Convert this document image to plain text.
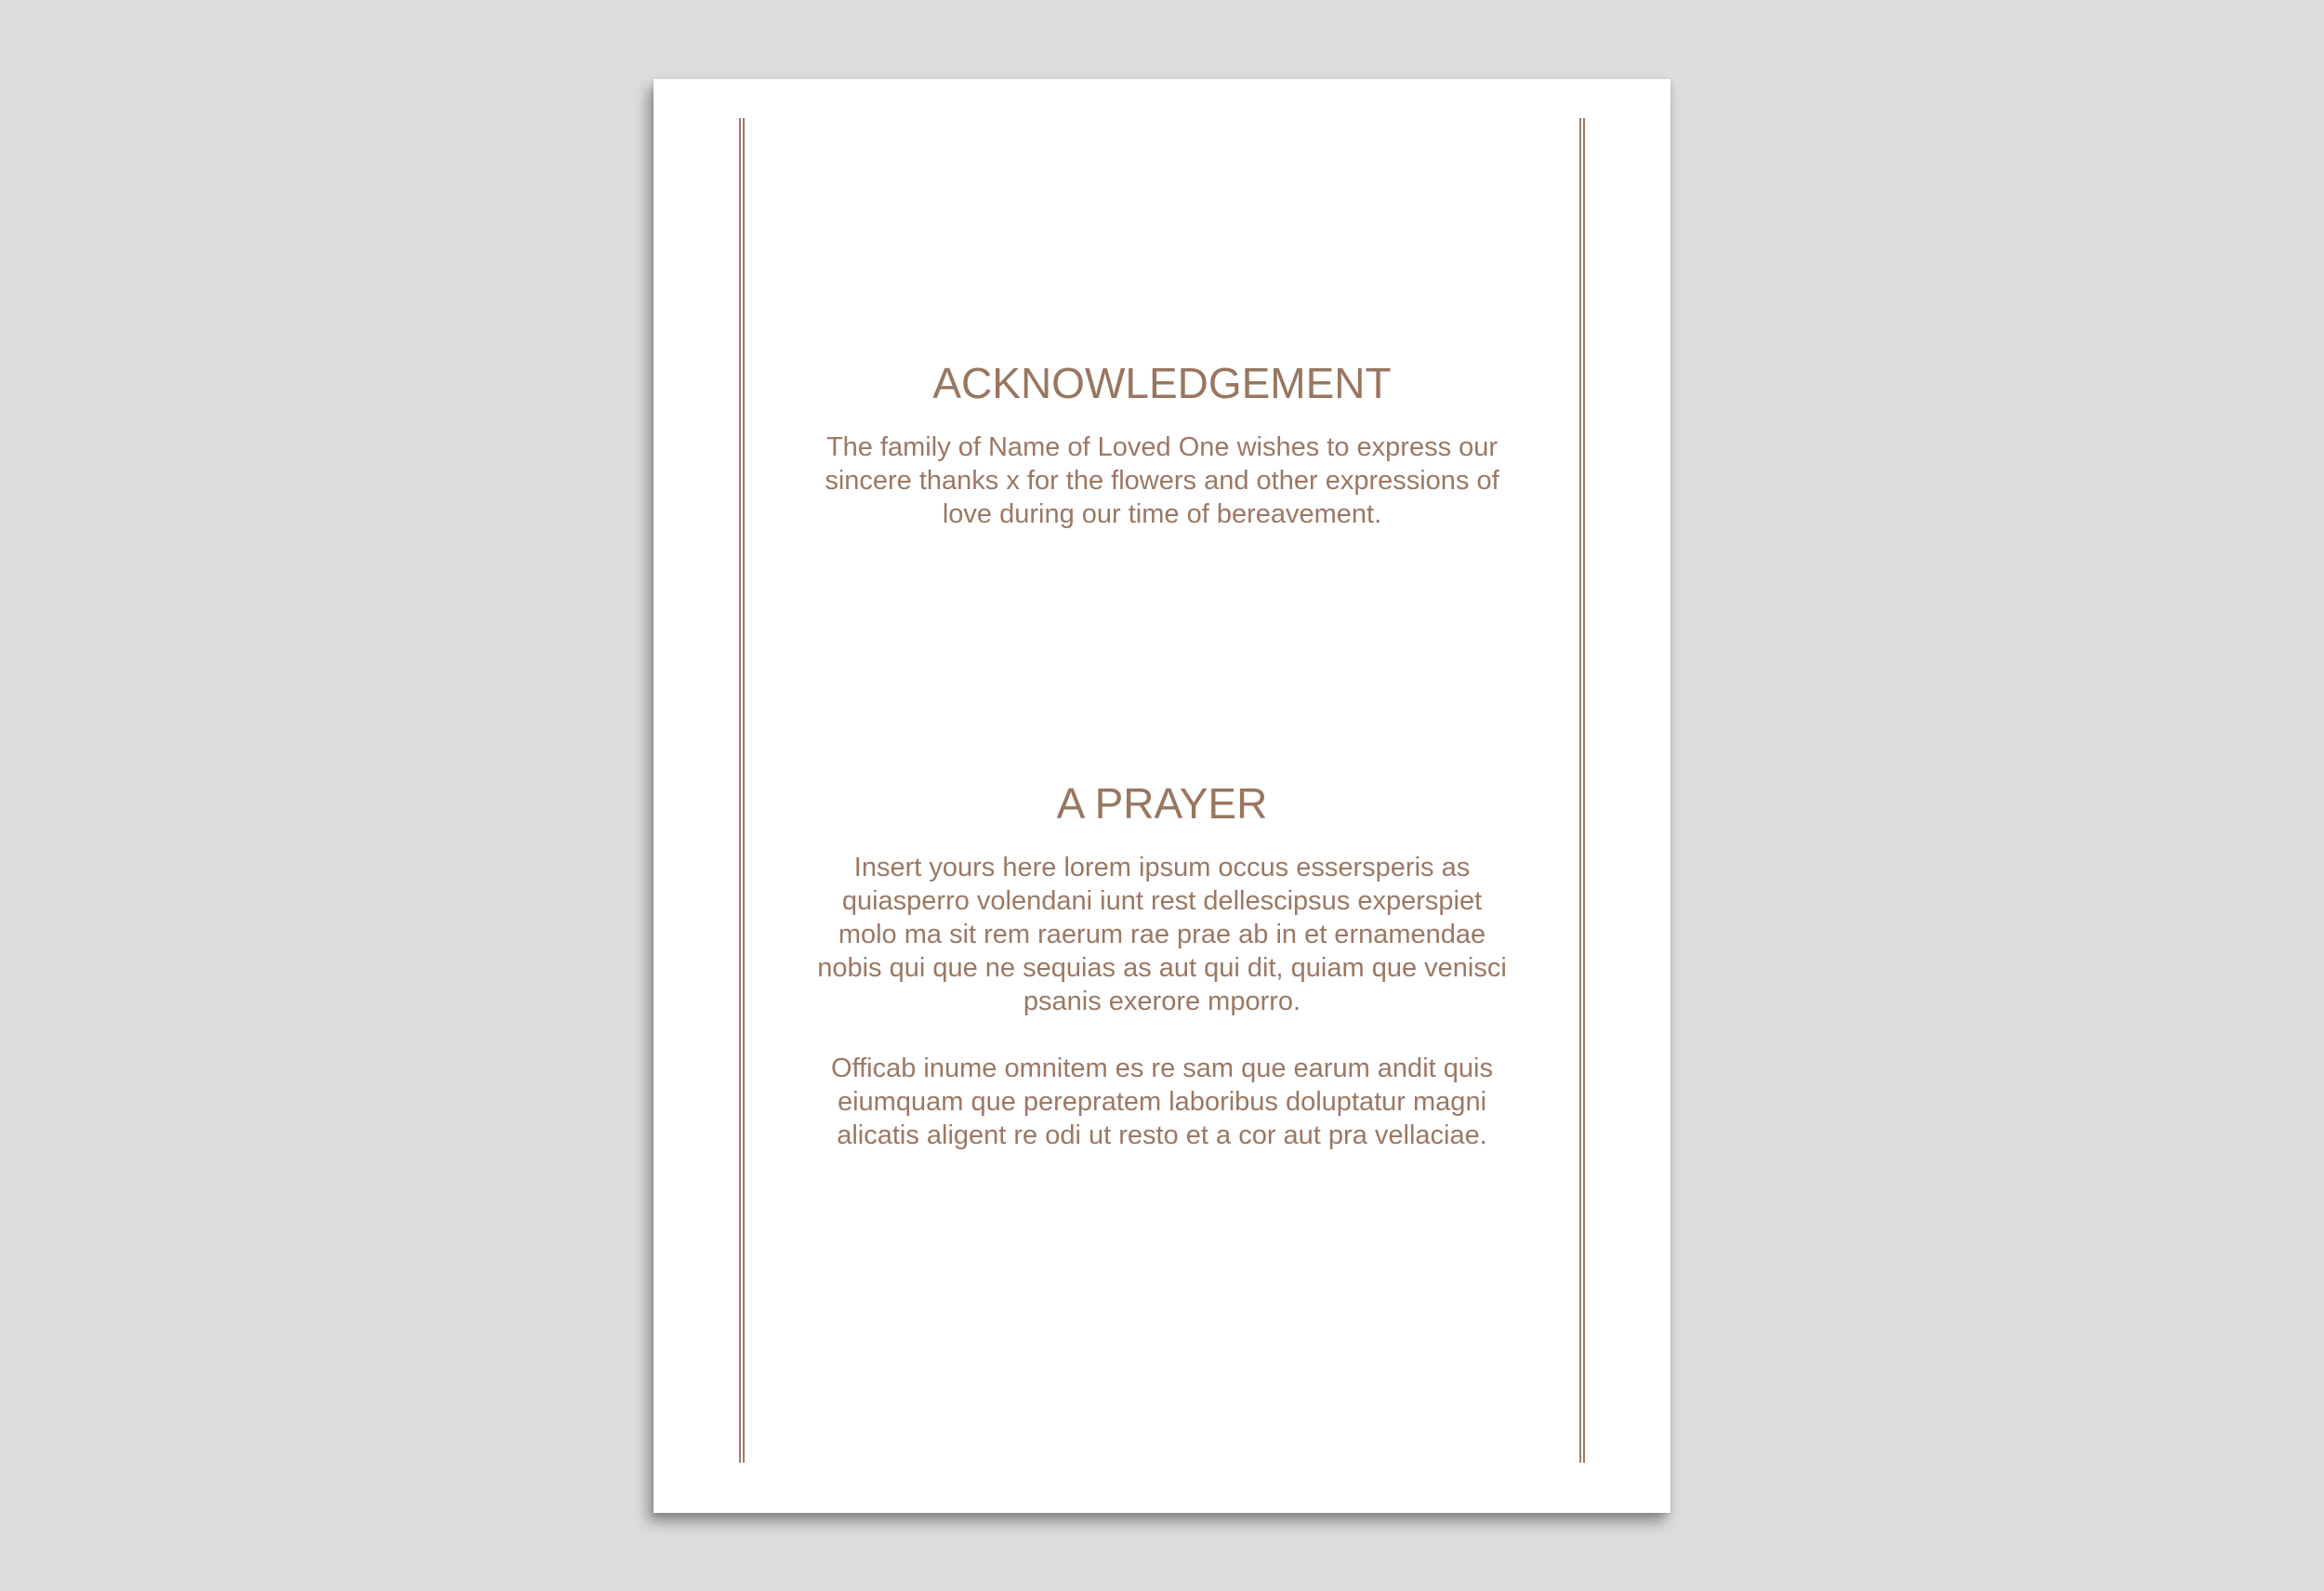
ACKNOWLEDGEMENT

The family of Name of Loved One wishes to express our
sincere thanks x for the flowers and other expressions of
love during our time of bereavement.

A PRAYER

Insert yours here lorem ipsum occus essersperis as
quiasperro volendani iunt rest dellescipsus experspiet
molo ma sit rem raerum rae prae ab in et ernamendae
nobis qui que ne sequias as aut qui dit, quiam que venisci
psanis exerore mporro.

Officab inume omnitem es re sam que earum andit quis
eiumquam que perepratem laboribus doluptatur magni
alicatis aligent re odi ut resto et a cor aut pra vellaciae.
